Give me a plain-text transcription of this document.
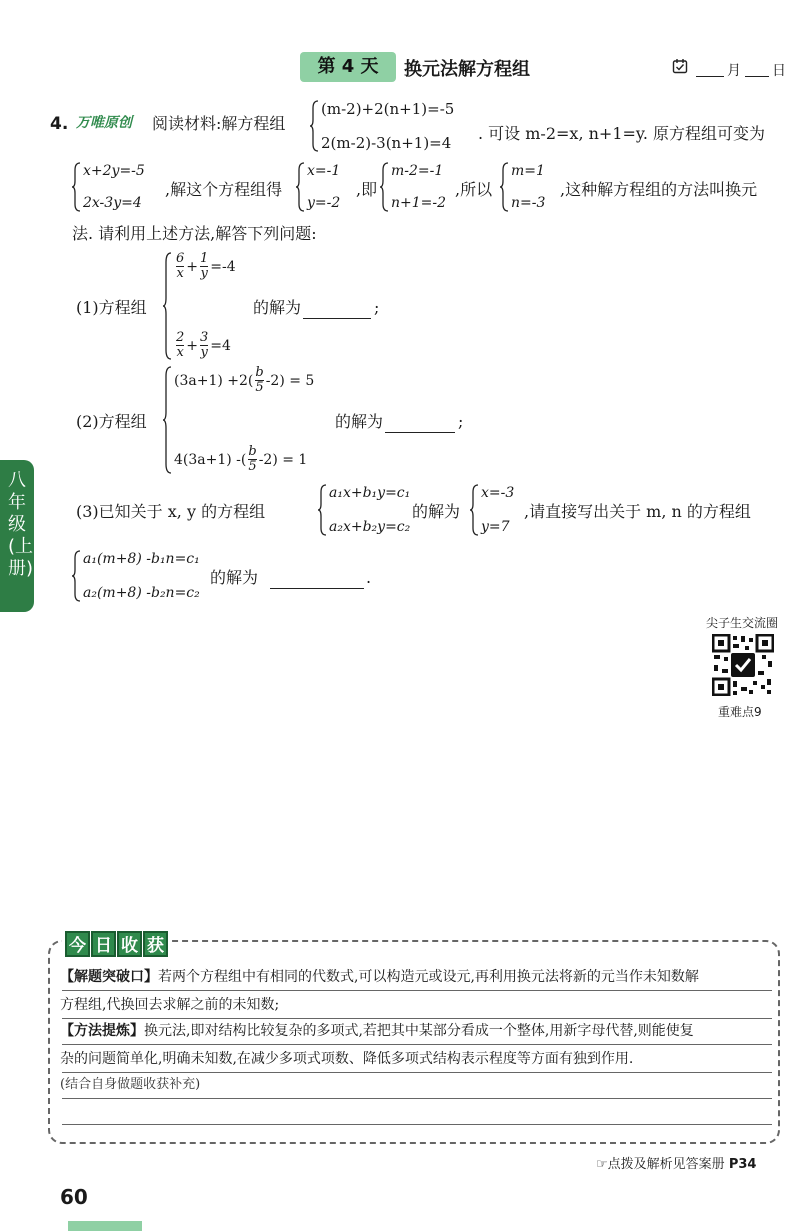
第 4 天	换元法解方程组	月 日
4. 万唯原创 阅读材料:解方程组
(m-2)+2(n+1)=-5
2(m-2)-3(n+1)=4 . 可设 m-2=x, n+1=y. 原方程组可变为
x+2y=-5
2x-3y=4
,解这个方程组得
x=-1
y=-2
,即
m-2=-1
n+1=-2
,所以
m=1
n=-3
,这种解方程组的方法叫换元
法. 请利用上述方法,解答下列问题:
(1)方程组
$\frac{6}{x} + \frac{1}{y} =-4$
$\frac{2}{x} + \frac{3}{y} =4$
的解为	;
(2)方程组
$(3a+1) +2( \frac{b}{5} -2) = 5$
4(3a+1) -( $\frac{b}{5} -2) = 1$
的解为	;
(3)已知关于 x, y 的方程组
a₁x+b₁y=c₁
a₂x+b₂y=c₂
的解为
x=-3
y=7
,请直接写出关于 m, n 的方程组
a₁(m+8) -b₁n=c₁
a₂(m+8) -b₂n=c₂
的解为	.
尖子生交流圈
重难点9
八年级(上册)
今 日 收 获
【解题突破口】若两个方程组中有相同的代数式,可以构造元或设元,再利用换元法将新的元当作未知数解
方程组,代换回去求解之前的未知数;
【方法提炼】换元法,即对结构比较复杂的多项式,若把其中某部分看成一个整体,用新字母代替,则能使复
杂的问题简单化,明确未知数,在减少多项式项数、降低多项式结构表示程度等方面有独到作用.
(结合自身做题收获补充)
☞点拨及解析见答案册 P34
60
